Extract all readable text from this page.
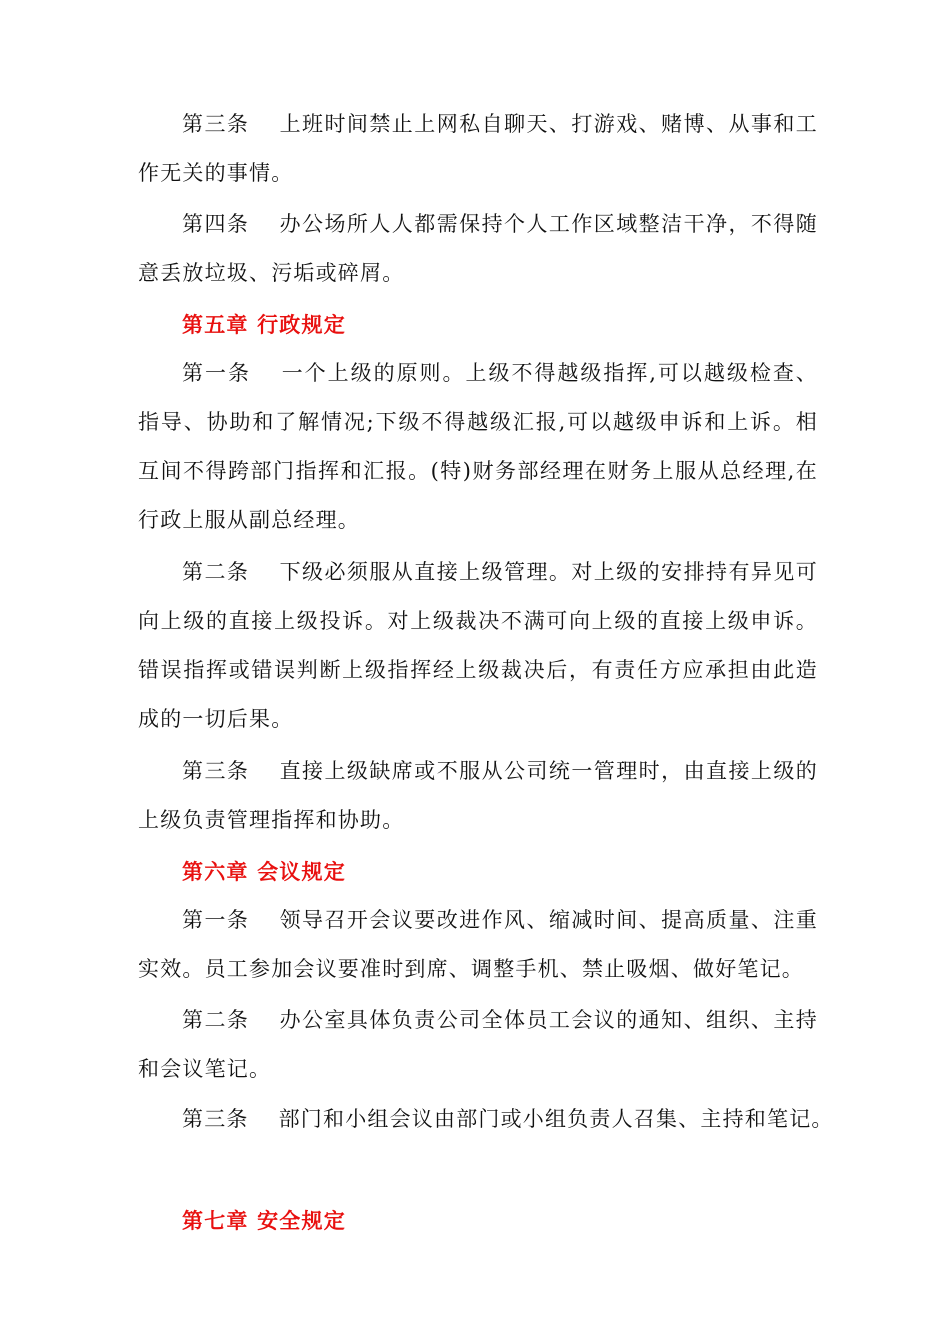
第三条 上班时间禁止上网私自聊天、打游戏、赌博、从事和工作无关的事情。

第四条 办公场所人人都需保持个人工作区域整洁干净，不得随意丢放垃圾、污垢或碎屑。

第五章 行政规定

第一条 一个上级的原则。上级不得越级指挥,可以越级检查、指导、协助和了解情况;下级不得越级汇报,可以越级申诉和上诉。相互间不得跨部门指挥和汇报。(特)财务部经理在财务上服从总经理,在行政上服从副总经理。

第二条 下级必须服从直接上级管理。对上级的安排持有异见可向上级的直接上级投诉。对上级裁决不满可向上级的直接上级申诉。错误指挥或错误判断上级指挥经上级裁决后，有责任方应承担由此造成的一切后果。

第三条 直接上级缺席或不服从公司统一管理时，由直接上级的上级负责管理指挥和协助。

第六章 会议规定

第一条 领导召开会议要改进作风、缩减时间、提高质量、注重实效。员工参加会议要准时到席、调整手机、禁止吸烟、做好笔记。

第二条 办公室具体负责公司全体员工会议的通知、组织、主持和会议笔记。

第三条 部门和小组会议由部门或小组负责人召集、主持和笔记。

第七章 安全规定
